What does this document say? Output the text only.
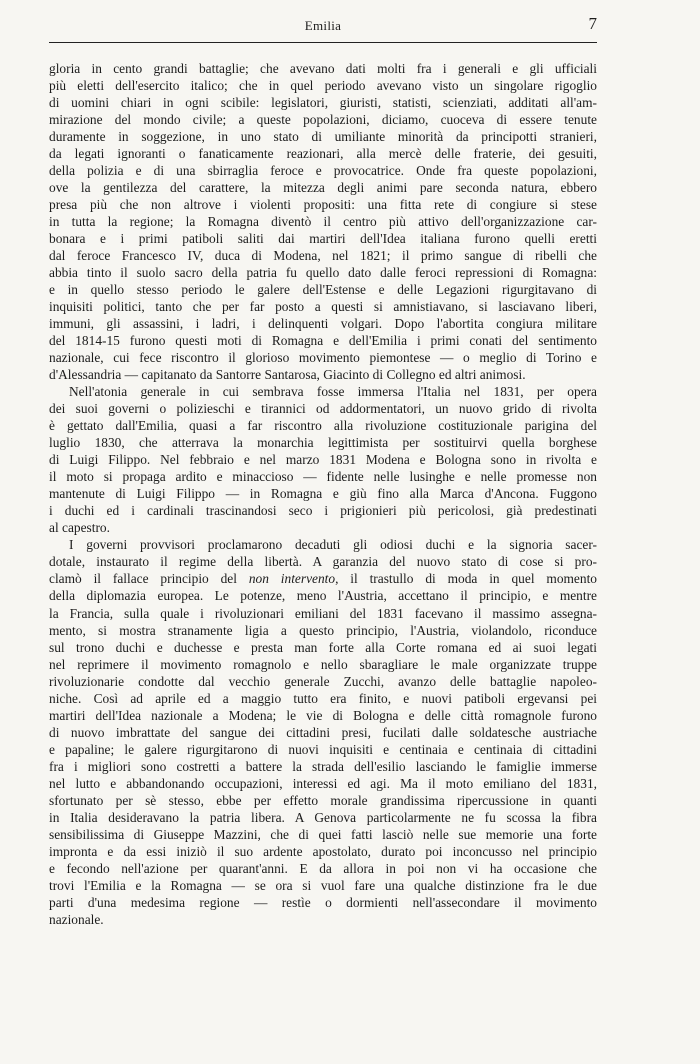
Emilia	7
gloria in cento grandi battaglie; che avevano dati molti fra i generali e gli ufficiali
più eletti dell'esercito italico; che in quel periodo avevano visto un singolare rigoglio
di uomini chiari in ogni scibile: legislatori, giuristi, statisti, scienziati, additati all'am-
mirazione del mondo civile; a queste popolazioni, diciamo, cuoceva di essere tenute
duramente in soggezione, in uno stato di umiliante minorità da principotti stranieri,
da legati ignoranti o fanaticamente reazionari, alla mercè delle fraterie, dei gesuiti,
della polizia e di una sbirraglia feroce e provocatrice. Onde fra queste popolazioni,
ove la gentilezza del carattere, la mitezza degli animi pare seconda natura, ebbero
presa più che non altrove i violenti propositi: una fitta rete di congiure si stese
in tutta la regione; la Romagna diventò il centro più attivo dell'organizzazione car-
bonara e i primi patiboli saliti dai martiri dell'Idea italiana furono quelli eretti
dal feroce Francesco IV, duca di Modena, nel 1821; il primo sangue di ribelli che
abbia tinto il suolo sacro della patria fu quello dato dalle feroci repressioni di Romagna:
e in quello stesso periodo le galere dell'Estense e delle Legazioni rigurgitavano di
inquisiti politici, tanto che per far posto a questi si amnistiavano, si lasciavano liberi,
immuni, gli assassini, i ladri, i delinquenti volgari. Dopo l'abortita congiura militare
del 1814-15 furono questi moti di Romagna e dell'Emilia i primi conati del sentimento
nazionale, cui fece riscontro il glorioso movimento piemontese — o meglio di Torino e
d'Alessandria — capitanato da Santorre Santarosa, Giacinto di Collegno ed altri animosi.
Nell'atonia generale in cui sembrava fosse immersa l'Italia nel 1831, per opera
dei suoi governi o polizieschi e tirannici od addormentatori, un nuovo grido di rivolta
è gettato dall'Emilia, quasi a far riscontro alla rivoluzione costituzionale parigina del
luglio 1830, che atterrava la monarchia legittimista per sostituirvi quella borghese
di Luigi Filippo. Nel febbraio e nel marzo 1831 Modena e Bologna sono in rivolta e
il moto si propaga ardito e minaccioso — fidente nelle lusinghe e nelle promesse non
mantenute di Luigi Filippo — in Romagna e giù fino alla Marca d'Ancona. Fuggono
i duchi ed i cardinali trascinandosi seco i prigionieri più pericolosi, già predestinati
al capestro.
I governi provvisori proclamarono decaduti gli odiosi duchi e la signoria sacer-
dotale, instaurato il regime della libertà. A garanzia del nuovo stato di cose si pro-
clamò il fallace principio del non intervento, il trastullo di moda in quel momento
della diplomazia europea. Le potenze, meno l'Austria, accettano il principio, e mentre
la Francia, sulla quale i rivoluzionari emiliani del 1831 facevano il massimo assegna-
mento, si mostra stranamente ligia a questo principio, l'Austria, violandolo, riconduce
sul trono duchi e duchesse e presta man forte alla Corte romana ed ai suoi legati
nel reprimere il movimento romagnolo e nello sbaragliare le male organizzate truppe
rivoluzionarie condotte dal vecchio generale Zucchi, avanzo delle battaglie napoleo-
niche. Così ad aprile ed a maggio tutto era finito, e nuovi patiboli ergevansi pei
martiri dell'Idea nazionale a Modena; le vie di Bologna e delle città romagnole furono
di nuovo imbrattate del sangue dei cittadini presi, fucilati dalle soldatesche austriache
e papaline; le galere rigurgitarono di nuovi inquisiti e centinaia e centinaia di cittadini
fra i migliori sono costretti a battere la strada dell'esilio lasciando le famiglie immerse
nel lutto e abbandonando occupazioni, interessi ed agi. Ma il moto emiliano del 1831,
sfortunato per sè stesso, ebbe per effetto morale grandissima ripercussione in quanti
in Italia desideravano la patria libera. A Genova particolarmente ne fu scossa la fibra
sensibilissima di Giuseppe Mazzini, che di quei fatti lasciò nelle sue memorie una forte
impronta e da essi iniziò il suo ardente apostolato, durato poi inconcusso nel principio
e fecondo nell'azione per quarant'anni. E da allora in poi non vi ha occasione che
trovi l'Emilia e la Romagna — se ora si vuol fare una qualche distinzione fra le due
parti d'una medesima regione — restìe o dormienti nell'assecondare il movimento
nazionale.
